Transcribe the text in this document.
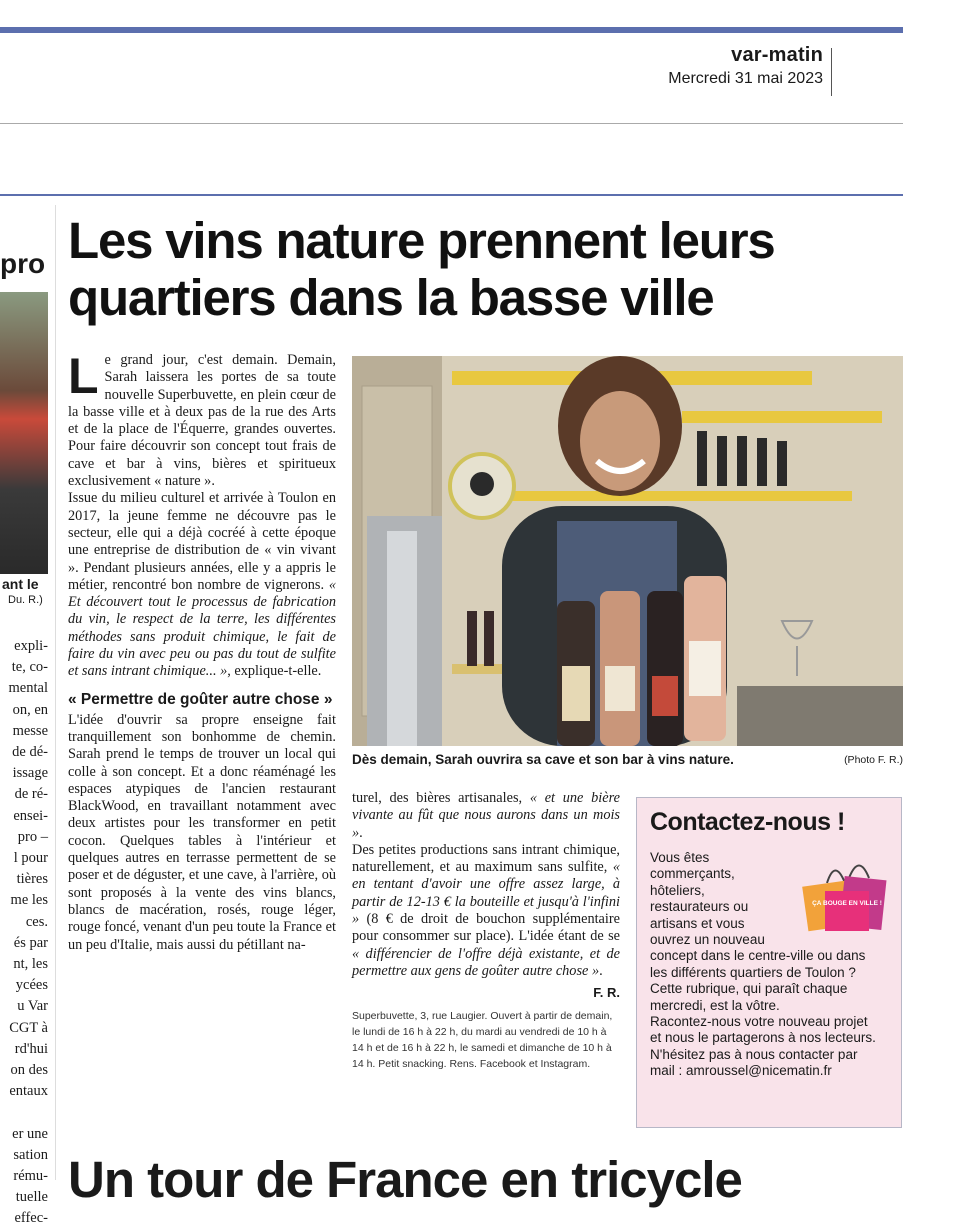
var-matin
Mercredi 31 mai 2023
pro
ant le
Du. R.)
expli-
te, co-
mental
on, en
messe
de dé-
issage
de ré-
ensei-
pro –
l pour
tières
me les
ces.
és par
nt, les
ycées
u Var
CGT à
rd'hui
on des
entaux
er une
sation
rému-
tuelle
effec-
Les vins nature prennent leurs quartiers dans la basse ville

Le grand jour, c'est demain. Demain, Sarah laissera les portes de sa toute nouvelle Superbuvette, en plein cœur de la basse ville et à deux pas de la rue des Arts et de la place de l'Équerre, grandes ouvertes. Pour faire découvrir son concept tout frais de cave et bar à vins, bières et spiritueux exclusivement « nature ».

Issue du milieu culturel et arrivée à Toulon en 2017, la jeune femme ne découvre pas le secteur, elle qui a déjà cocréé à cette époque une entreprise de distribution de « vin vivant ». Pendant plusieurs années, elle y a appris le métier, rencontré bon nombre de vignerons. « Et découvert tout le processus de fabrication du vin, le respect de la terre, les différentes méthodes sans produit chimique, le fait de faire du vin avec peu ou pas du tout de sulfite et sans intrant chimique... », explique-t-elle.

« Permettre de goûter autre chose »

L'idée d'ouvrir sa propre enseigne fait tranquillement son bonhomme de chemin. Sarah prend le temps de trouver un local qui colle à son concept. Et a donc réaménagé les espaces atypiques de l'ancien restaurant BlackWood, en travaillant notamment avec deux artistes pour les transformer en petit cocon. Quelques tables à l'intérieur et quelques autres en terrasse permettent de se poser et de déguster, et une cave, à l'arrière, où sont proposés à la vente des vins blancs, blancs de macération, rosés, rouge léger, rouge foncé, venant d'un peu toute la France et un peu d'Italie, mais aussi du pétillant na-

Dès demain, Sarah ouvrira sa cave et son bar à vins nature.	(Photo F. R.)

turel, des bières artisanales, « et une bière vivante au fût que nous aurons dans un mois ».

Des petites productions sans intrant chimique, naturellement, et au maximum sans sulfite, « en tentant d'avoir une offre assez large, à partir de 12-13 € la bouteille et jusqu'à l'infini » (8 € de droit de bouchon supplémentaire pour consommer sur place). L'idée étant de se « différencier de l'offre déjà existante, et de permettre aux gens de goûter autre chose ».

F. R.
Superbuvette, 3, rue Laugier. Ouvert à partir de demain, le lundi de 16 h à 22 h, du mardi au vendredi de 10 h à 14 h et de 16 h à 22 h, le samedi et dimanche de 10 h à 14 h. Petit snacking. Rens. Facebook et Instagram.
Contactez-nous !
ÇA BOUGE EN VILLE !
Vous êtes
commerçants,
hôteliers,
restaurateurs ou
artisans et vous
ouvrez un nouveau
concept dans le centre-ville ou dans
les différents quartiers de Toulon ?
Cette rubrique, qui paraît chaque
mercredi, est la vôtre.
Racontez-nous votre nouveau projet
et nous le partagerons à nos lecteurs.
N'hésitez pas à nous contacter par
mail : amroussel@nicematin.fr
Un tour de France en tricycle
